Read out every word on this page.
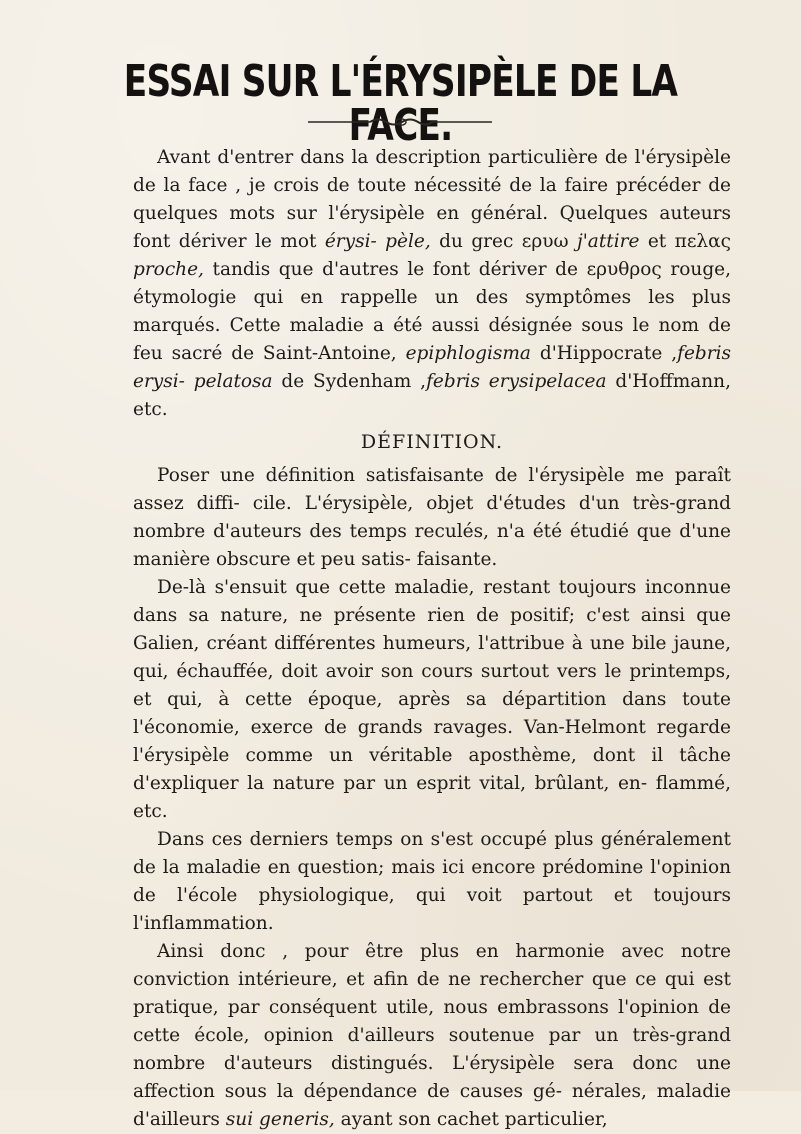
ESSAI SUR L'ÉRYSIPÈLE DE LA FACE.

Avant d'entrer dans la description particulière de l'érysipèle de la face , je crois de toute nécessité de la faire précéder de quelques mots sur l'érysipèle en général. Quelques auteurs font dériver le mot érysi- pèle, du grec ερυω j'attire et πελας proche, tandis que d'autres le font dériver de ερυθρος rouge, étymologie qui en rappelle un des symptômes les plus marqués. Cette maladie a été aussi désignée sous le nom de feu sacré de Saint-Antoine, epiphlogisma d'Hippocrate ,febris erysi- pelatosa de Sydenham ,febris erysipelacea d'Hoffmann, etc.

DÉFINITION.

Poser une définition satisfaisante de l'érysipèle me paraît assez diffi- cile. L'érysipèle, objet d'études d'un très-grand nombre d'auteurs des temps reculés, n'a été étudié que d'une manière obscure et peu satis- faisante.

De-là s'ensuit que cette maladie, restant toujours inconnue dans sa nature, ne présente rien de positif; c'est ainsi que Galien, créant différentes humeurs, l'attribue à une bile jaune, qui, échauffée, doit avoir son cours surtout vers le printemps, et qui, à cette époque, après sa départition dans toute l'économie, exerce de grands ravages. Van-Helmont regarde l'érysipèle comme un véritable aposthème, dont il tâche d'expliquer la nature par un esprit vital, brûlant, en- flammé, etc.

Dans ces derniers temps on s'est occupé plus généralement de la maladie en question; mais ici encore prédomine l'opinion de l'école physiologique, qui voit partout et toujours l'inflammation.

Ainsi donc , pour être plus en harmonie avec notre conviction intérieure, et afin de ne rechercher que ce qui est pratique, par conséquent utile, nous embrassons l'opinion de cette école, opinion d'ailleurs soutenue par un très-grand nombre d'auteurs distingués. L'érysipèle sera donc une affection sous la dépendance de causes gé- nérales, maladie d'ailleurs sui generis, ayant son cachet particulier,
